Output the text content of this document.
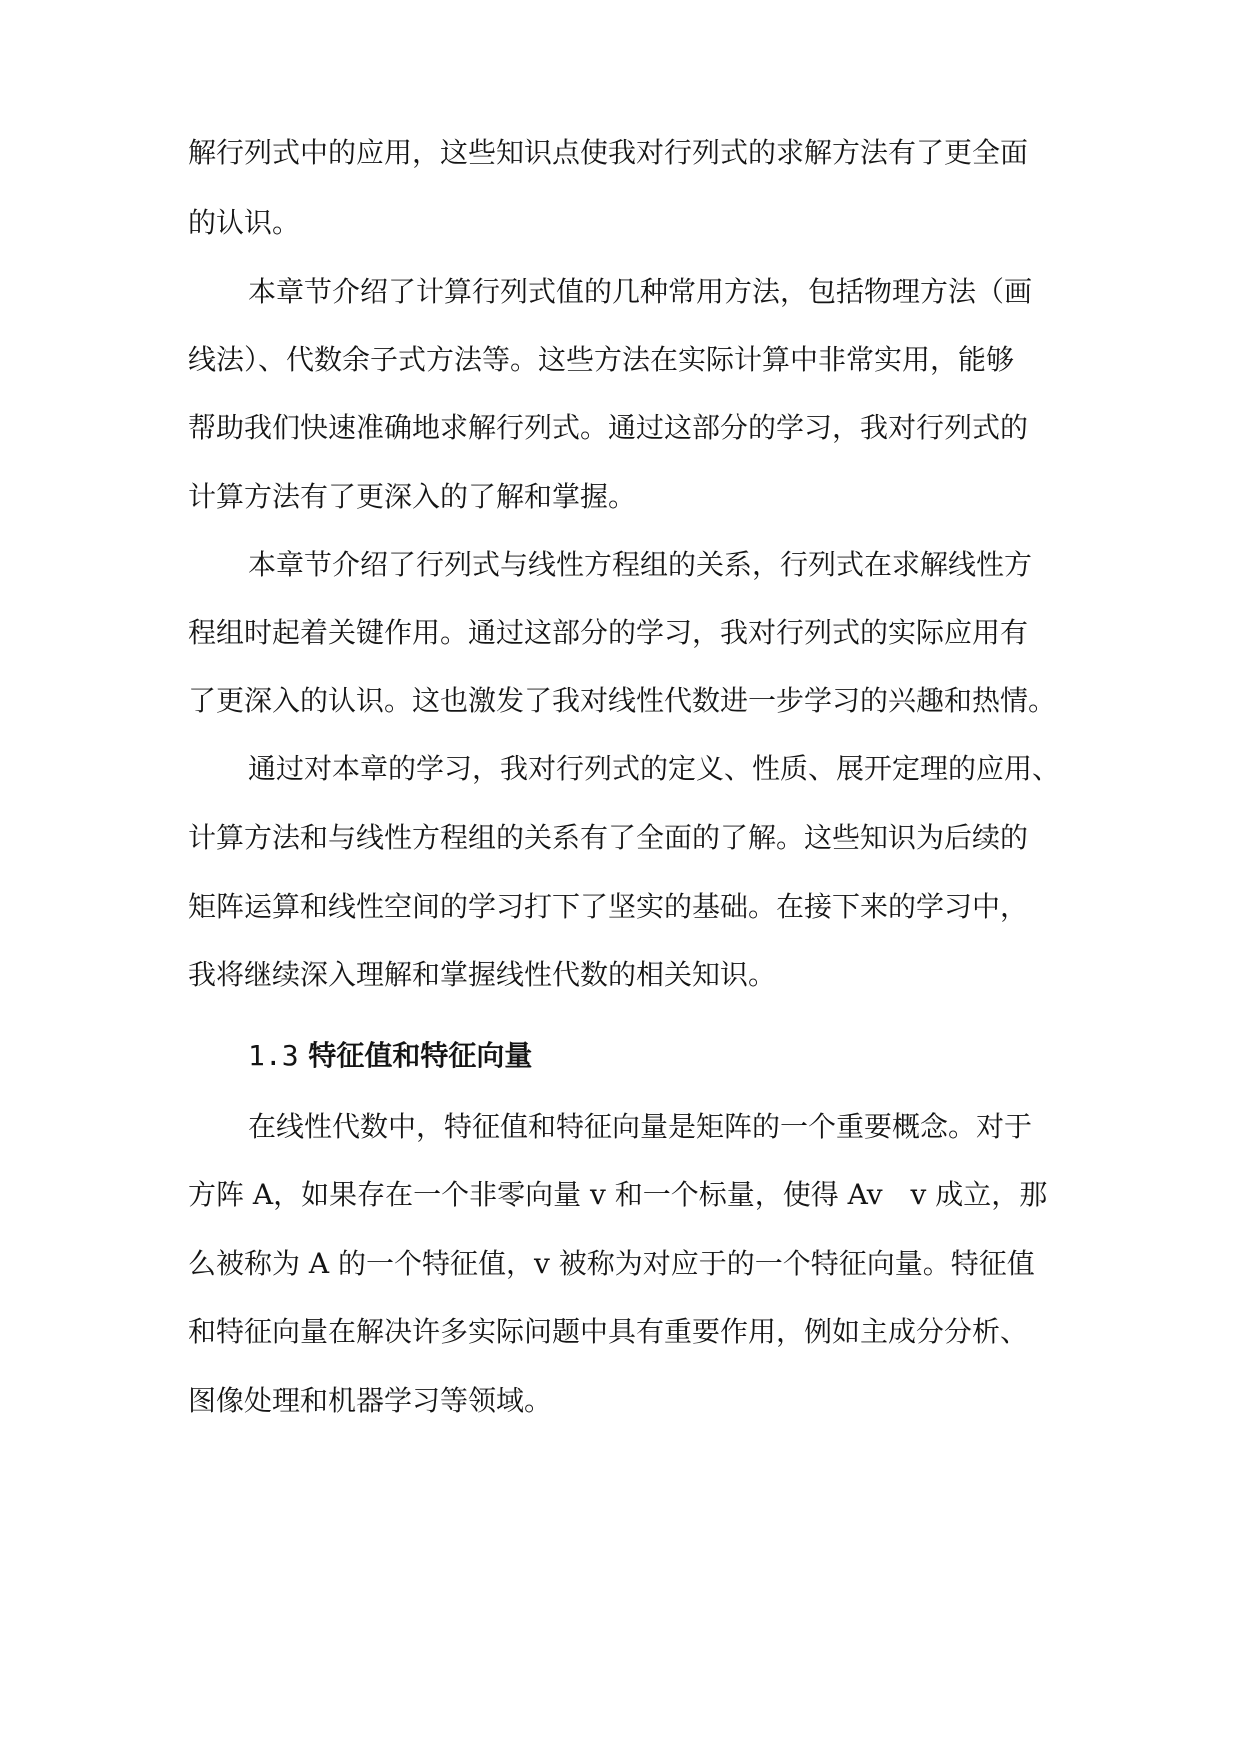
解行列式中的应用，这些知识点使我对行列式的求解方法有了更全面
的认识。
本章节介绍了计算行列式值的几种常用方法，包括物理方法（画
线法）、代数余子式方法等。这些方法在实际计算中非常实用，能够
帮助我们快速准确地求解行列式。通过这部分的学习，我对行列式的
计算方法有了更深入的了解和掌握。
本章节介绍了行列式与线性方程组的关系，行列式在求解线性方
程组时起着关键作用。通过这部分的学习，我对行列式的实际应用有
了更深入的认识。这也激发了我对线性代数进一步学习的兴趣和热情。
通过对本章的学习，我对行列式的定义、性质、展开定理的应用、
计算方法和与线性方程组的关系有了全面的了解。这些知识为后续的
矩阵运算和线性空间的学习打下了坚实的基础。在接下来的学习中，
我将继续深入理解和掌握线性代数的相关知识。
1.3 特征值和特征向量
在线性代数中，特征值和特征向量是矩阵的一个重要概念。对于
方阵 A，如果存在一个非零向量 v 和一个标量，使得 Av　v 成立，那
么被称为 A 的一个特征值，v 被称为对应于的一个特征向量。特征值
和特征向量在解决许多实际问题中具有重要作用，例如主成分分析、
图像处理和机器学习等领域。
